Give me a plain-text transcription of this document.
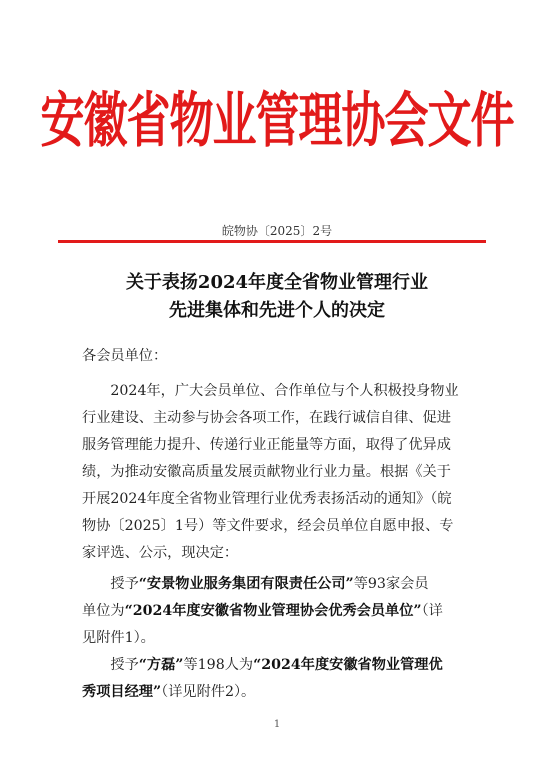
安徽省物业管理协会文件
皖物协〔2025〕2号
关于表扬2024年度全省物业管理行业
先进集体和先进个人的决定
各会员单位：
　　2024年，广大会员单位、合作单位与个人积极投身物业
行业建设、主动参与协会各项工作，在践行诚信自律、促进
服务管理能力提升、传递行业正能量等方面，取得了优异成
绩，为推动安徽高质量发展贡献物业行业力量。根据《关于
开展2024年度全省物业管理行业优秀表扬活动的通知》（皖
物协〔2025〕1号）等文件要求，经会员单位自愿申报、专
家评选、公示，现决定：
　　授予“安景物业服务集团有限责任公司”等93家会员
单位为“2024年度安徽省物业管理协会优秀会员单位”（详
见附件1）。
　　授予“方磊”等198人为“2024年度安徽省物业管理优
秀项目经理”（详见附件2）。
1
